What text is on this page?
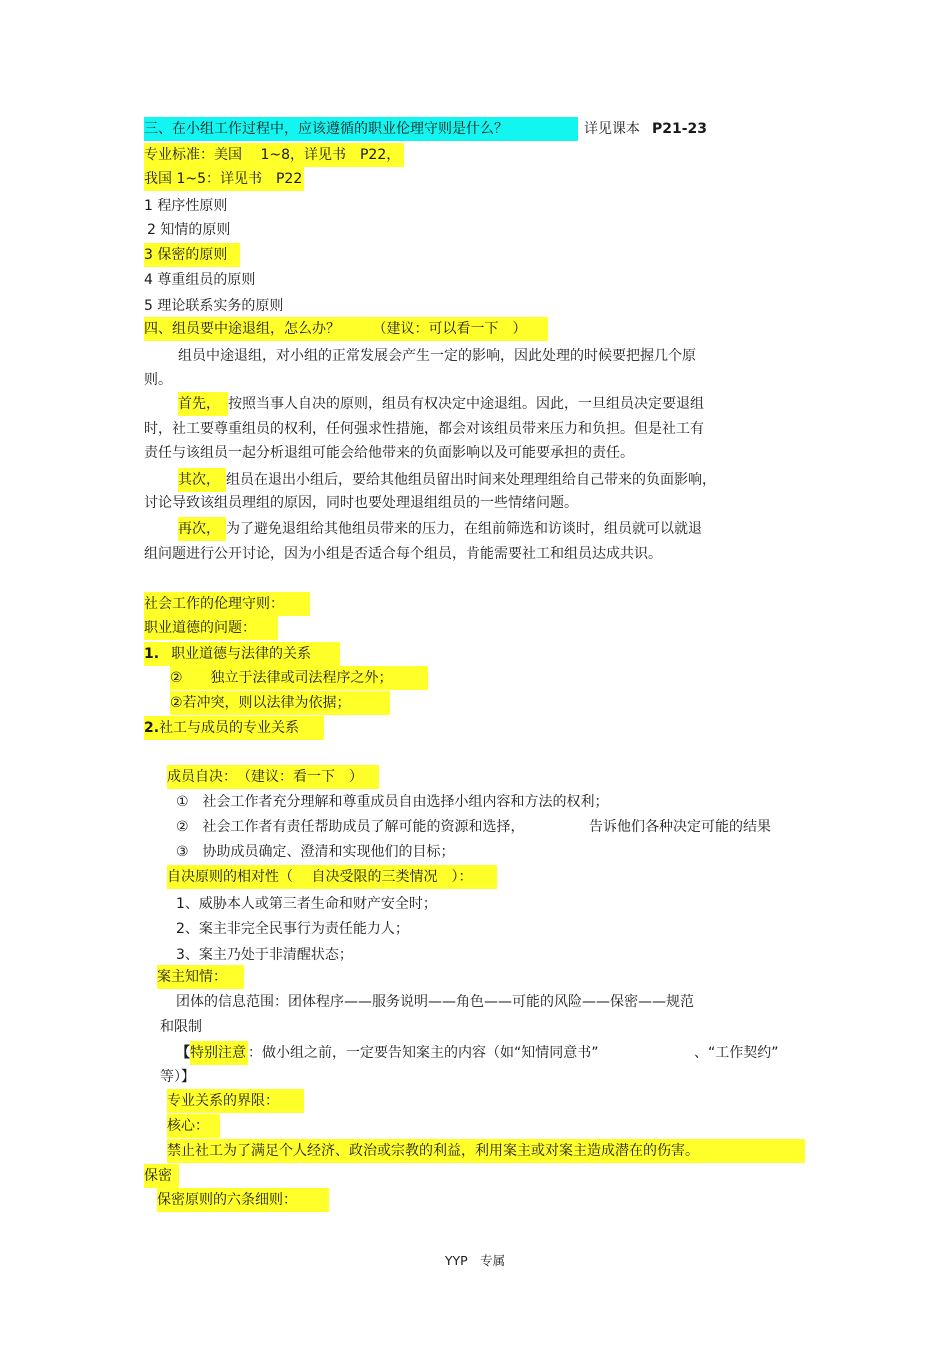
三、在小组工作过程中，应该遵循的职业伦理守则是什么？	详见课本 P21-23
专业标准：美国　 1~8，详见书　P22，
我国 1~5：详见书　P22
1 程序性原则
2 知情的原则
3 保密的原则
4 尊重组员的原则
5 理论联系实务的原则
四、组员要中途退组，怎么办？　　 （建议：可以看一下　）
组员中途退组，对小组的正常发展会产生一定的影响，因此处理的时候要把握几个原
则。
首先， 按照当事人自决的原则，组员有权决定中途退组。因此，一旦组员决定要退组
时，社工要尊重组员的权利，任何强求性措施，都会对该组员带来压力和负担。但是社工有
责任与该组员一起分析退组可能会给他带来的负面影响以及可能要承担的责任。
其次， 组员在退出小组后，要给其他组员留出时间来处理理组给自己带来的负面影响，
讨论导致该组员理组的原因，同时也要处理退组组员的一些情绪问题。
再次， 为了避免退组给其他组员带来的压力，在组前筛选和访谈时，组员就可以就退
组问题进行公开讨论，因为小组是否适合每个组员，肯能需要社工和组员达成共识。
社会工作的伦理守则：
职业道德的问题：
1. 职业道德与法律的关系
②　　独立于法律或司法程序之外；
②若冲突，则以法律为依据；
2.社工与成员的专业关系
成员自决：　（建议：看一下　）
①　社会工作者充分理解和尊重成员自由选择小组内容和方法的权利；
②　社会工作者有责任帮助成员了解可能的资源和选择，	告诉他们各种决定可能的结果
③　协助成员确定、澄清和实现他们的目标；
自决原则的相对性（　 自决受限的三类情况　）：
1、威胁本人或第三者生命和财产安全时；
2、案主非完全民事行为责任能力人；
3、案主乃处于非清醒状态；
案主知情：
团体的信息范围：团体程序——服务说明——角色——可能的风险——保密——规范
和限制
【特别注意 ：做小组之前，一定要告知案主的内容（如“知情同意书”	、“工作契约”
等）】
专业关系的界限：
核心：
禁止社工为了满足个人经济、政治或宗教的利益，利用案主或对案主造成潜在的伤害。
保密
保密原则的六条细则：
YYP　专属
